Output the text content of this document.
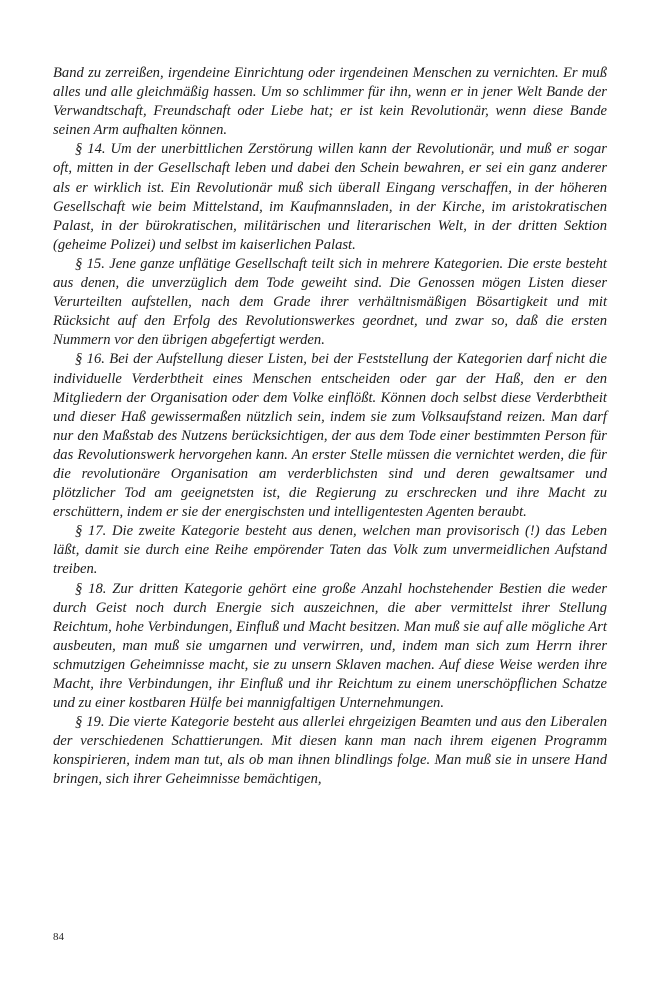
Band zu zerreißen, irgendeine Einrichtung oder irgendeinen Menschen zu vernichten. Er muß alles und alle gleichmäßig hassen. Um so schlimmer für ihn, wenn er in jener Welt Bande der Verwandtschaft, Freundschaft oder Liebe hat; er ist kein Revolutionär, wenn diese Bande seinen Arm aufhalten können.

§ 14. Um der unerbittlichen Zerstörung willen kann der Revolutionär, und muß er sogar oft, mitten in der Gesellschaft leben und dabei den Schein bewahren, er sei ein ganz anderer als er wirklich ist. Ein Revolutionär muß sich überall Eingang verschaffen, in der höheren Gesellschaft wie beim Mittelstand, im Kaufmannsladen, in der Kirche, im aristokratischen Palast, in der bürokratischen, militärischen und literarischen Welt, in der dritten Sektion (geheime Polizei) und selbst im kaiserlichen Palast.

§ 15. Jene ganze unflätige Gesellschaft teilt sich in mehrere Kategorien. Die erste besteht aus denen, die unverzüglich dem Tode geweiht sind. Die Genossen mögen Listen dieser Verurteilten aufstellen, nach dem Grade ihrer verhältnismäßigen Bösartigkeit und mit Rücksicht auf den Erfolg des Revolutionswerkes geordnet, und zwar so, daß die ersten Nummern vor den übrigen abgefertigt werden.

§ 16. Bei der Aufstellung dieser Listen, bei der Feststellung der Kategorien darf nicht die individuelle Verderbtheit eines Menschen entscheiden oder gar der Haß, den er den Mitgliedern der Organisation oder dem Volke einflößt. Können doch selbst diese Verderbtheit und dieser Haß gewissermaßen nützlich sein, indem sie zum Volksaufstand reizen. Man darf nur den Maßstab des Nutzens berücksichtigen, der aus dem Tode einer bestimmten Person für das Revolutionswerk hervorgehen kann. An erster Stelle müssen die vernichtet werden, die für die revolutionäre Organisation am verderblichsten sind und deren gewaltsamer und plötzlicher Tod am geeignetsten ist, die Regierung zu erschrecken und ihre Macht zu erschüttern, indem er sie der energischsten und intelligentesten Agenten beraubt.

§ 17. Die zweite Kategorie besteht aus denen, welchen man provisorisch (!) das Leben läßt, damit sie durch eine Reihe empörender Taten das Volk zum unvermeidlichen Aufstand treiben.

§ 18. Zur dritten Kategorie gehört eine große Anzahl hochstehender Bestien die weder durch Geist noch durch Energie sich auszeichnen, die aber vermittelst ihrer Stellung Reichtum, hohe Verbindungen, Einfluß und Macht besitzen. Man muß sie auf alle mögliche Art ausbeuten, man muß sie umgarnen und verwirren, und, indem man sich zum Herrn ihrer schmutzigen Geheimnisse macht, sie zu unsern Sklaven machen. Auf diese Weise werden ihre Macht, ihre Verbindungen, ihr Einfluß und ihr Reichtum zu einem unerschöpflichen Schatze und zu einer kostbaren Hülfe bei mannigfaltigen Unternehmungen.

§ 19. Die vierte Kategorie besteht aus allerlei ehrgeizigen Beamten und aus den Liberalen der verschiedenen Schattierungen. Mit diesen kann man nach ihrem eigenen Programm konspirieren, indem man tut, als ob man ihnen blindlings folge. Man muß sie in unsere Hand bringen, sich ihrer Geheimnisse bemächtigen,

84
